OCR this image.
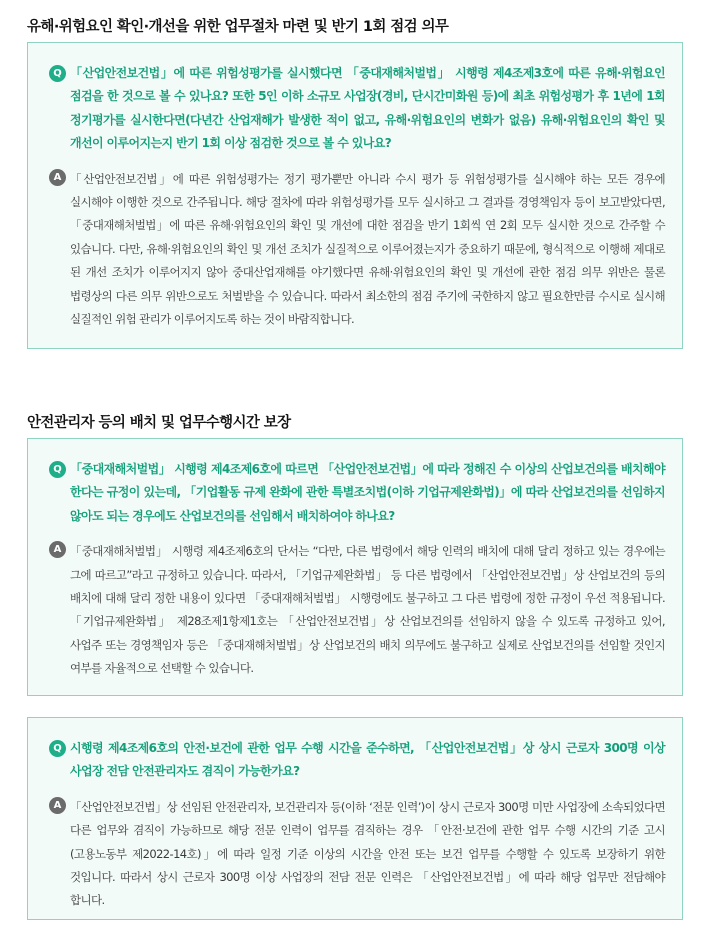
유해·위험요인 확인·개선을 위한 업무절차 마련 및 반기 1회 점검 의무
Q 「산업안전보건법」에 따른 위험성평가를 실시했다면 「중대재해처벌법」 시행령 제4조제3호에 따른 유해·위험요인 점검을 한 것으로 볼 수 있나요? 또한 5인 이하 소규모 사업장(경비, 단시간미화원 등)에 최초 위험성평가 후 1년에 1회 정기평가를 실시한다면(다년간 산업재해가 발생한 적이 없고, 유해·위험요인의 변화가 없음) 유해·위험요인의 확인 및 개선이 이루어지는지 반기 1회 이상 점검한 것으로 볼 수 있나요?

A 「산업안전보건법」에 따른 위험성평가는 정기 평가뿐만 아니라 수시 평가 등 위험성평가를 실시해야 하는 모든 경우에 실시해야 이행한 것으로 간주됩니다. 해당 절차에 따라 위험성평가를 모두 실시하고 그 결과를 경영책임자 등이 보고받았다면, 「중대재해처벌법」에 따른 유해·위험요인의 확인 및 개선에 대한 점검을 반기 1회씩 연 2회 모두 실시한 것으로 간주할 수 있습니다. 다만, 유해·위험요인의 확인 및 개선 조치가 실질적으로 이루어졌는지가 중요하기 때문에, 형식적으로 이행해 제대로 된 개선 조치가 이루어지지 않아 중대산업재해를 야기했다면 유해·위험요인의 확인 및 개선에 관한 점검 의무 위반은 물론 법령상의 다른 의무 위반으로도 처벌받을 수 있습니다. 따라서 최소한의 점검 주기에 국한하지 않고 필요한만큼 수시로 실시해 실질적인 위험 관리가 이루어지도록 하는 것이 바람직합니다.

안전관리자 등의 배치 및 업무수행시간 보장
Q 「중대재해처벌법」 시행령 제4조제6호에 따르면 「산업안전보건법」에 따라 정해진 수 이상의 산업보건의를 배치해야 한다는 규정이 있는데, 「기업활동 규제 완화에 관한 특별조치법(이하 기업규제완화법)」에 따라 산업보건의를 선임하지 않아도 되는 경우에도 산업보건의를 선임해서 배치하여야 하나요?

A 「중대재해처벌법」 시행령 제4조제6호의 단서는 “다만, 다른 법령에서 해당 인력의 배치에 대해 달리 정하고 있는 경우에는 그에 따르고”라고 규정하고 있습니다. 따라서, 「기업규제완화법」 등 다른 법령에서 「산업안전보건법」상 산업보건의 등의 배치에 대해 달리 정한 내용이 있다면 「중대재해처벌법」 시행령에도 불구하고 그 다른 법령에 정한 규정이 우선 적용됩니다. 「기업규제완화법」 제28조제1항제1호는 「산업안전보건법」상 산업보건의를 선임하지 않을 수 있도록 규정하고 있어, 사업주 또는 경영책임자 등은 「중대재해처벌법」상 산업보건의 배치 의무에도 불구하고 실제로 산업보건의를 선임할 것인지 여부를 자율적으로 선택할 수 있습니다.

Q 시행령 제4조제6호의 안전·보건에 관한 업무 수행 시간을 준수하면, 「산업안전보건법」상 상시 근로자 300명 이상 사업장 전담 안전관리자도 겸직이 가능한가요?

A 「산업안전보건법」상 선임된 안전관리자, 보건관리자 등(이하 ‘전문 인력’)이 상시 근로자 300명 미만 사업장에 소속되었다면 다른 업무와 겸직이 가능하므로 해당 전문 인력이 업무를 겸직하는 경우 「안전·보건에 관한 업무 수행 시간의 기준 고시(고용노동부 제2022-14호)」에 따라 일정 기준 이상의 시간을 안전 또는 보건 업무를 수행할 수 있도록 보장하기 위한 것입니다. 따라서 상시 근로자 300명 이상 사업장의 전담 전문 인력은 「산업안전보건법」에 따라 해당 업무만 전담해야 합니다.
